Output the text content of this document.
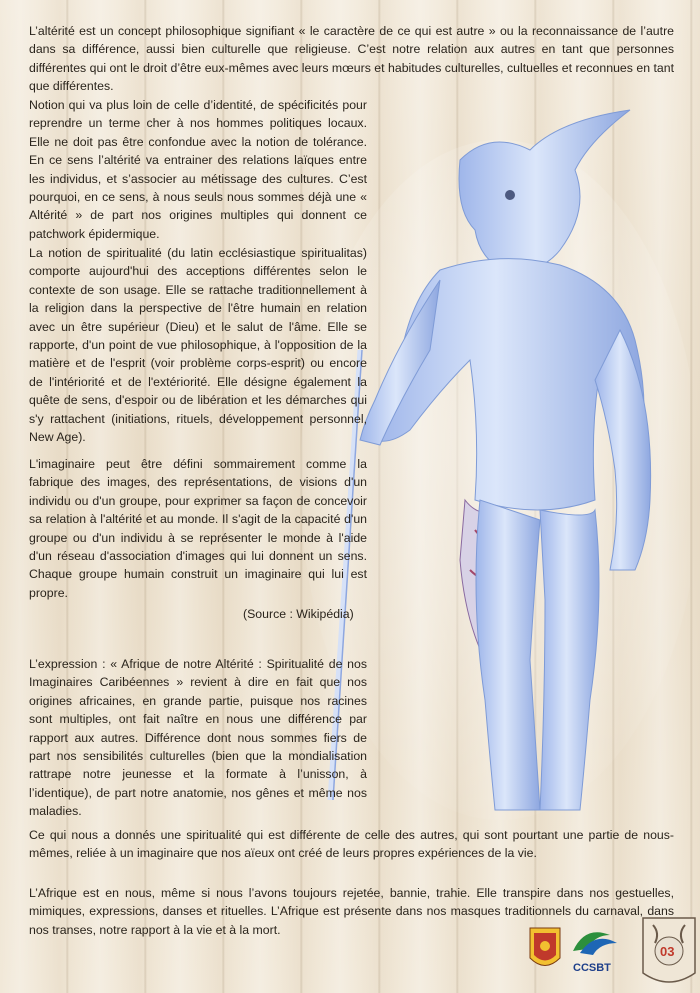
L’altérité est un concept philosophique signifiant « le caractère de ce qui est autre » ou la reconnaissance de l’autre dans sa différence, aussi bien culturelle que religieuse. C’est notre relation aux autres en tant que personnes différentes qui ont le droit d’être eux-mêmes avec leurs mœurs et habitudes culturelles, cultuelles et reconnues en tant que différentes.

Notion qui va plus loin de celle d’identité, de spécificités pour reprendre un terme cher à nos hommes politiques locaux. Elle ne doit pas être confondue avec la notion de tolérance. En ce sens l’altérité va entrainer des relations laïques entre les individus, et s’associer au métissage des cultures. C’est pourquoi, en ce sens, à nous seuls nous sommes déjà une « Altérité » de part nos origines multiples qui donnent ce patchwork épidermique.

La notion de spiritualité (du latin ecclésiastique spiritualitas) comporte aujourd'hui des acceptions différentes selon le contexte de son usage. Elle se rattache traditionnellement à la religion dans la perspective de l'être humain en relation avec un être supérieur (Dieu) et le salut de l'âme. Elle se rapporte, d'un point de vue philosophique, à l'opposition de la matière et de l'esprit (voir problème corps-esprit) ou encore de l'intériorité et de l'extériorité. Elle désigne également la quête de sens, d'espoir ou de libération et les démarches qui s'y rattachent (initiations, rituels, développement personnel, New Age).

L'imaginaire peut être défini sommairement comme la fabrique des images, des représentations, de visions d'un individu ou d'un groupe, pour exprimer sa façon de concevoir sa relation à l'altérité et au monde. Il s'agit de la capacité d'un groupe ou d'un individu à se représenter le monde à l'aide d'un réseau d'association d'images qui lui donnent un sens. Chaque groupe humain construit un imaginaire qui lui est propre.

(Source : Wikipédia)

L’expression : « Afrique de notre Altérité : Spiritualité de nos Imaginaires Caribéennes » revient à dire en fait que nos origines africaines, en grande partie, puisque nos racines sont multiples, ont fait naître en nous une différence par rapport aux autres. Différence dont nous sommes fiers de part nos sensibilités culturelles (bien que la mondialisation rattrape notre jeunesse et la formate à l’unisson, à l’identique), de part notre anatomie, nos gênes et même nos maladies.

Ce qui nous a donnés une spiritualité qui est différente de celle des autres, qui sont pourtant une partie de nous-mêmes, reliée à un imaginaire que nos aïeux ont créé de leurs propres expériences de la vie.

L’Afrique est en nous, même si nous l’avons toujours rejetée, bannie, trahie. Elle transpire dans nos gestuelles, mimiques, expressions, danses et rituelles. L’Afrique est présente dans nos masques traditionnels du carnaval, dans nos transes, notre rapport à la vie et à la mort.

CCSBT
03
